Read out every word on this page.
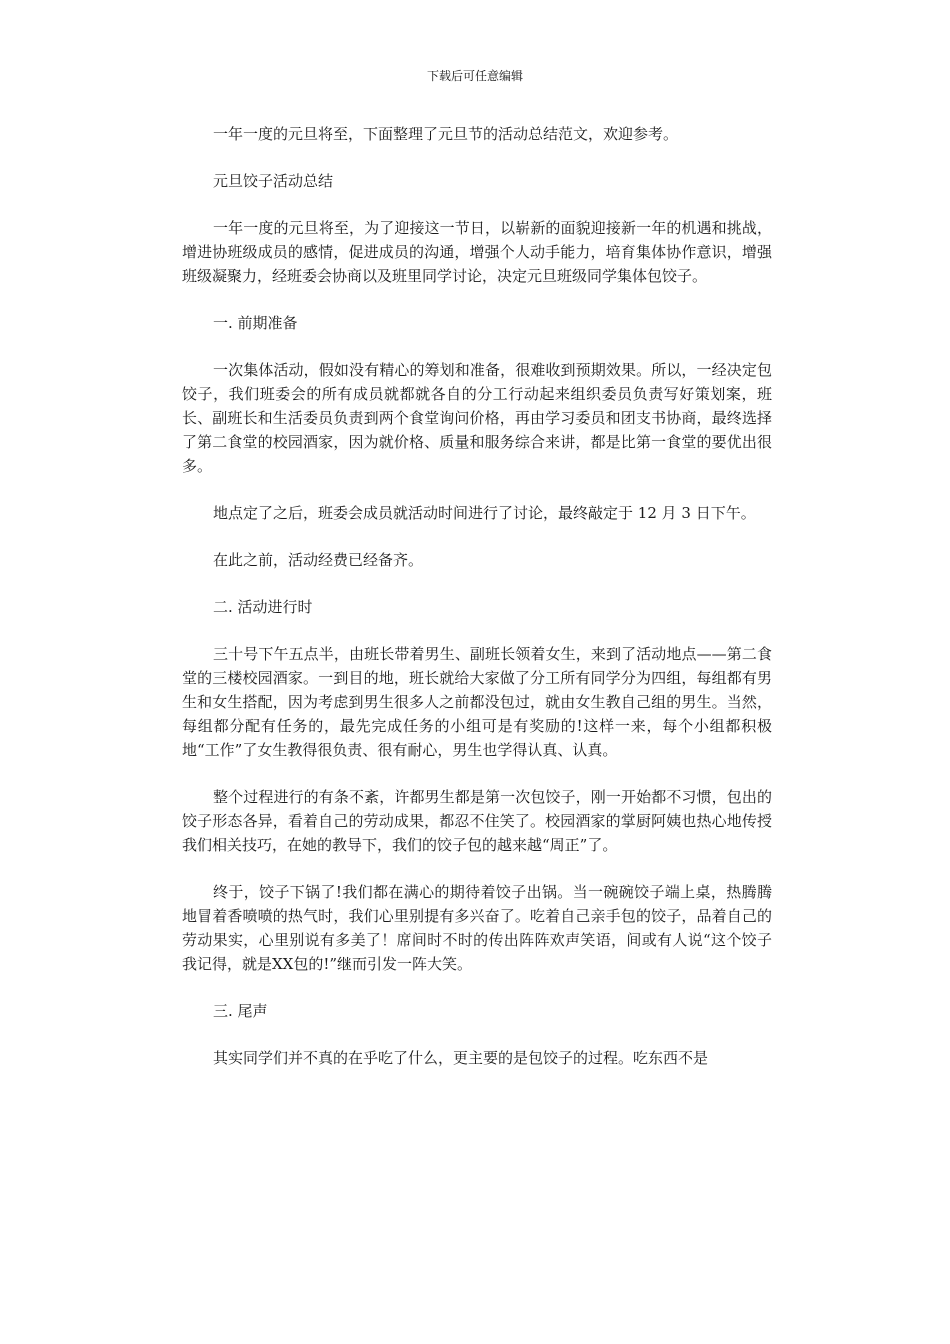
下载后可任意编辑

一年一度的元旦将至，下面整理了元旦节的活动总结范文，欢迎参考。

元旦饺子活动总结

一年一度的元旦将至，为了迎接这一节日，以崭新的面貌迎接新一年的机遇和挑战，增进协班级成员的感情，促进成员的沟通，增强个人动手能力，培育集体协作意识，增强班级凝聚力，经班委会协商以及班里同学讨论，决定元旦班级同学集体包饺子。

一. 前期准备

一次集体活动，假如没有精心的筹划和准备，很难收到预期效果。所以，一经决定包饺子，我们班委会的所有成员就都就各自的分工行动起来组织委员负责写好策划案，班长、副班长和生活委员负责到两个食堂询问价格，再由学习委员和团支书协商，最终选择了第二食堂的校园酒家，因为就价格、质量和服务综合来讲，都是比第一食堂的要优出很多。

地点定了之后，班委会成员就活动时间进行了讨论，最终敲定于 12 月 3 日下午。

在此之前，活动经费已经备齐。

二. 活动进行时

三十号下午五点半，由班长带着男生、副班长领着女生，来到了活动地点——第二食堂的三楼校园酒家。一到目的地，班长就给大家做了分工所有同学分为四组，每组都有男生和女生搭配，因为考虑到男生很多人之前都没包过，就由女生教自己组的男生。当然，每组都分配有任务的，最先完成任务的小组可是有奖励的!这样一来，每个小组都积极地“工作”了女生教得很负责、很有耐心，男生也学得认真、认真。

整个过程进行的有条不紊，许都男生都是第一次包饺子，刚一开始都不习惯，包出的饺子形态各异，看着自己的劳动成果，都忍不住笑了。校园酒家的掌厨阿姨也热心地传授我们相关技巧，在她的教导下，我们的饺子包的越来越“周正”了。

终于，饺子下锅了!我们都在满心的期待着饺子出锅。当一碗碗饺子端上桌，热腾腾地冒着香喷喷的热气时，我们心里别提有多兴奋了。吃着自己亲手包的饺子，品着自己的劳动果实，心里别说有多美了！席间时不时的传出阵阵欢声笑语，间或有人说“这个饺子我记得，就是XX包的!”继而引发一阵大笑。

三. 尾声

其实同学们并不真的在乎吃了什么，更主要的是包饺子的过程。吃东西不是
